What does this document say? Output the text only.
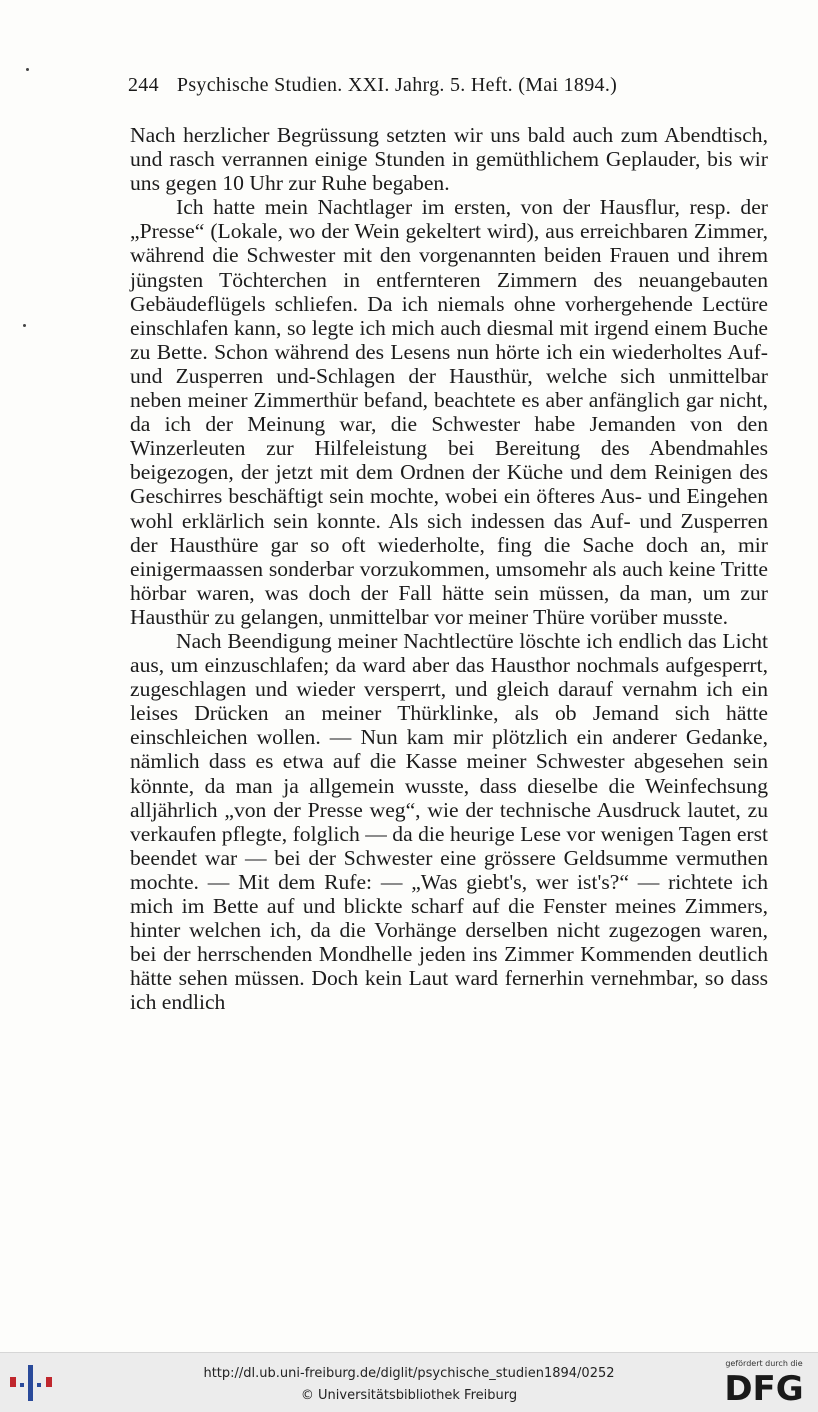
244 Psychische Studien. XXI. Jahrg. 5. Heft. (Mai 1894.)

Nach herzlicher Begrüssung setzten wir uns bald auch zum Abendtisch, und rasch verrannen einige Stunden in gemüthlichem Geplauder, bis wir uns gegen 10 Uhr zur Ruhe begaben.

Ich hatte mein Nachtlager im ersten, von der Hausflur, resp. der „Presse“ (Lokale, wo der Wein gekeltert wird), aus erreichbaren Zimmer, während die Schwester mit den vorgenannten beiden Frauen und ihrem jüngsten Töchterchen in entfernteren Zimmern des neuangebauten Gebäudeflügels schliefen. Da ich niemals ohne vorhergehende Lectüre einschlafen kann, so legte ich mich auch diesmal mit irgend einem Buche zu Bette. Schon während des Lesens nun hörte ich ein wiederholtes Auf- und Zusperren und-Schlagen der Hausthür, welche sich unmittelbar neben meiner Zimmerthür befand, beachtete es aber anfänglich gar nicht, da ich der Meinung war, die Schwester habe Jemanden von den Winzerleuten zur Hilfeleistung bei Bereitung des Abendmahles beigezogen, der jetzt mit dem Ordnen der Küche und dem Reinigen des Geschirres beschäftigt sein mochte, wobei ein öfteres Aus- und Eingehen wohl erklärlich sein konnte. Als sich indessen das Auf- und Zusperren der Hausthüre gar so oft wiederholte, fing die Sache doch an, mir einigermaassen sonderbar vorzukommen, umsomehr als auch keine Tritte hörbar waren, was doch der Fall hätte sein müssen, da man, um zur Hausthür zu gelangen, unmittelbar vor meiner Thüre vorüber musste.

Nach Beendigung meiner Nachtlectüre löschte ich endlich das Licht aus, um einzuschlafen; da ward aber das Hausthor nochmals aufgesperrt, zugeschlagen und wieder versperrt, und gleich darauf vernahm ich ein leises Drücken an meiner Thürklinke, als ob Jemand sich hätte einschleichen wollen. — Nun kam mir plötzlich ein anderer Gedanke, nämlich dass es etwa auf die Kasse meiner Schwester abgesehen sein könnte, da man ja allgemein wusste, dass dieselbe die Weinfechsung alljährlich „von der Presse weg“, wie der technische Ausdruck lautet, zu verkaufen pflegte, folglich — da die heurige Lese vor wenigen Tagen erst beendet war — bei der Schwester eine grössere Geldsumme vermuthen mochte. — Mit dem Rufe: — „Was giebt's, wer ist's?“ — richtete ich mich im Bette auf und blickte scharf auf die Fenster meines Zimmers, hinter welchen ich, da die Vorhänge derselben nicht zugezogen waren, bei der herrschenden Mondhelle jeden ins Zimmer Kommenden deutlich hätte sehen müssen. Doch kein Laut ward fernerhin vernehmbar, so dass ich endlich

http://dl.ub.uni-freiburg.de/diglit/psychische_studien1894/0252
© Universitätsbibliothek Freiburg
gefördert durch die
DFG
